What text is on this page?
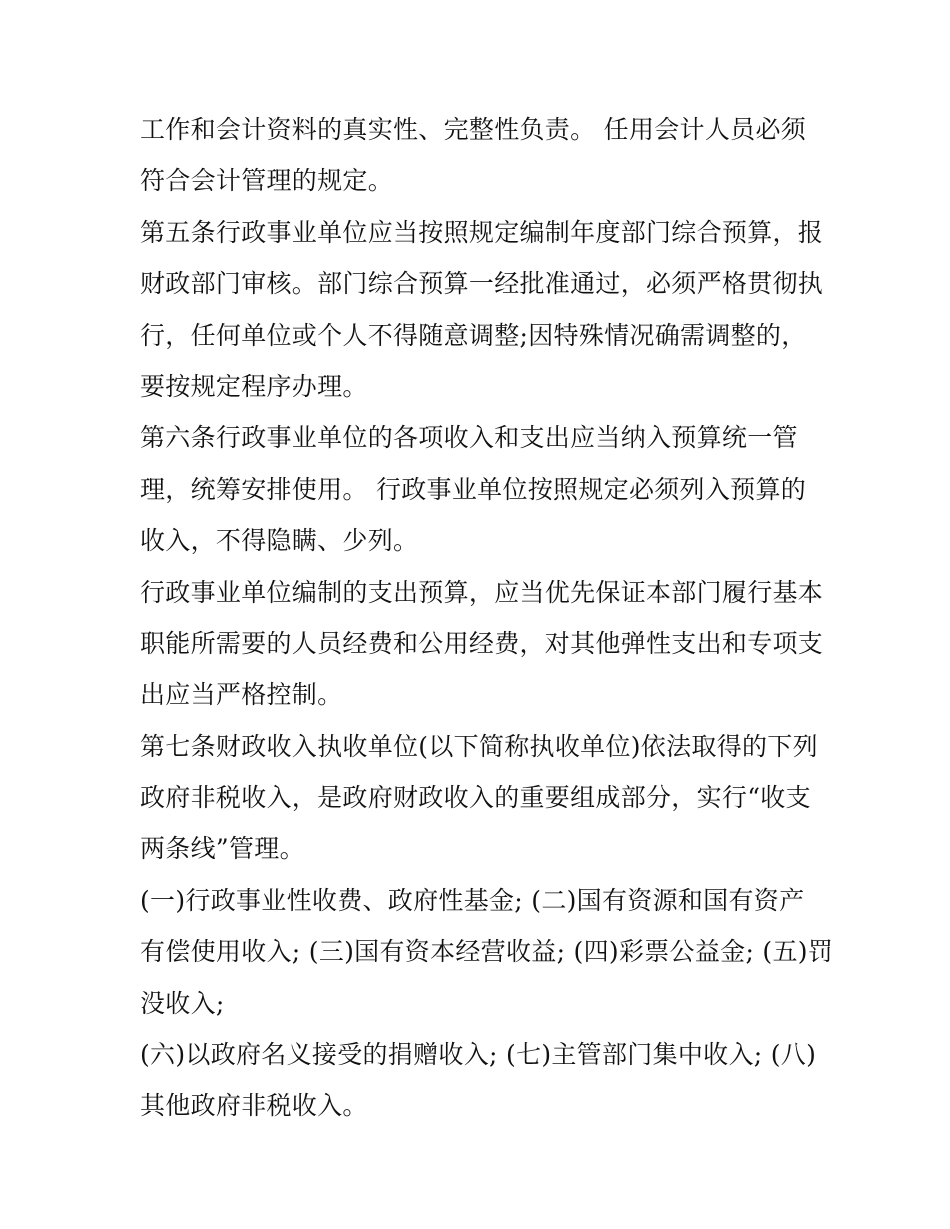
工作和会计资料的真实性、完整性负责。 任用会计人员必须
符合会计管理的规定。
第五条行政事业单位应当按照规定编制年度部门综合预算，报
财政部门审核。部门综合预算一经批准通过，必须严格贯彻执
行，任何单位或个人不得随意调整;因特殊情况确需调整的，
要按规定程序办理。
第六条行政事业单位的各项收入和支出应当纳入预算统一管
理，统筹安排使用。 行政事业单位按照规定必须列入预算的
收入，不得隐瞒、少列。
行政事业单位编制的支出预算，应当优先保证本部门履行基本
职能所需要的人员经费和公用经费，对其他弹性支出和专项支
出应当严格控制。
第七条财政收入执收单位(以下简称执收单位)依法取得的下列
政府非税收入，是政府财政收入的重要组成部分，实行“收支
两条线”管理。
(一)行政事业性收费、政府性基金; (二)国有资源和国有资产
有偿使用收入; (三)国有资本经营收益; (四)彩票公益金; (五)罚
没收入;
(六)以政府名义接受的捐赠收入; (七)主管部门集中收入; (八)
其他政府非税收入。
